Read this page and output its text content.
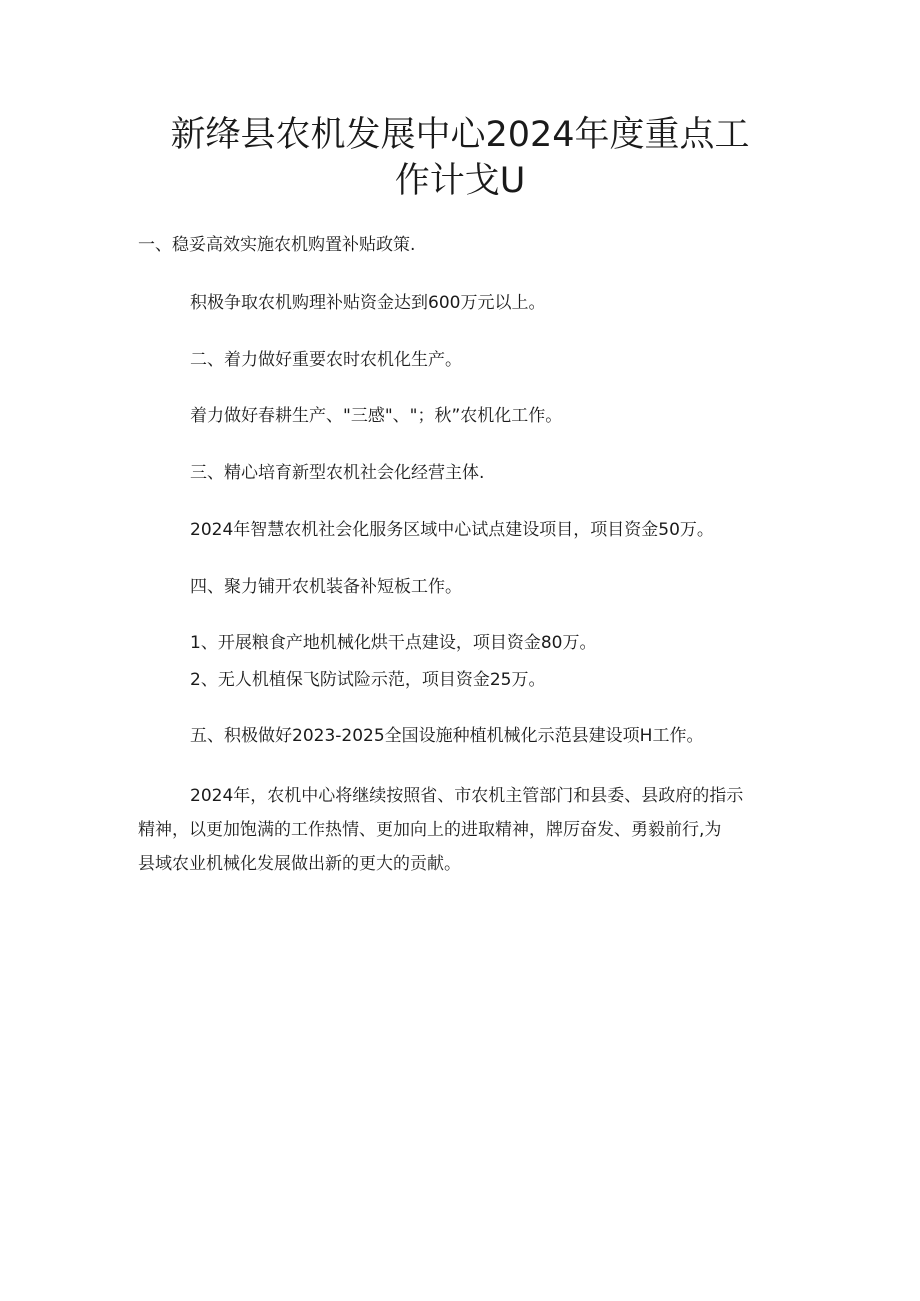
新绛县农机发展中心2024年度重点工
作计戈U

一、稳妥高效实施农机购置补贴政策.

积极争取农机购理补贴资金达到600万元以上。

二、着力做好重要农时农机化生产。

着力做好春耕生产、"三感"、"；秋”农机化工作。

三、精心培育新型农机社会化经营主体.

2024年智慧农机社会化服务区域中心试点建设项目，项目资金50万。

四、聚力铺开农机装备补短板工作。

1、开展粮食产地机械化烘干点建设，项目资金80万。

2、无人机植保飞防试险示范，项目资金25万。

五、积极做好2023-2025全国设施种植机械化示范县建设项H工作。

2024年，农机中心将继续按照省、市农机主管部门和县委、县政府的指示
精神，以更加饱满的工作热情、更加向上的进取精神，牌厉奋发、勇毅前行,为
县域农业机械化发展做出新的更大的贡献。
